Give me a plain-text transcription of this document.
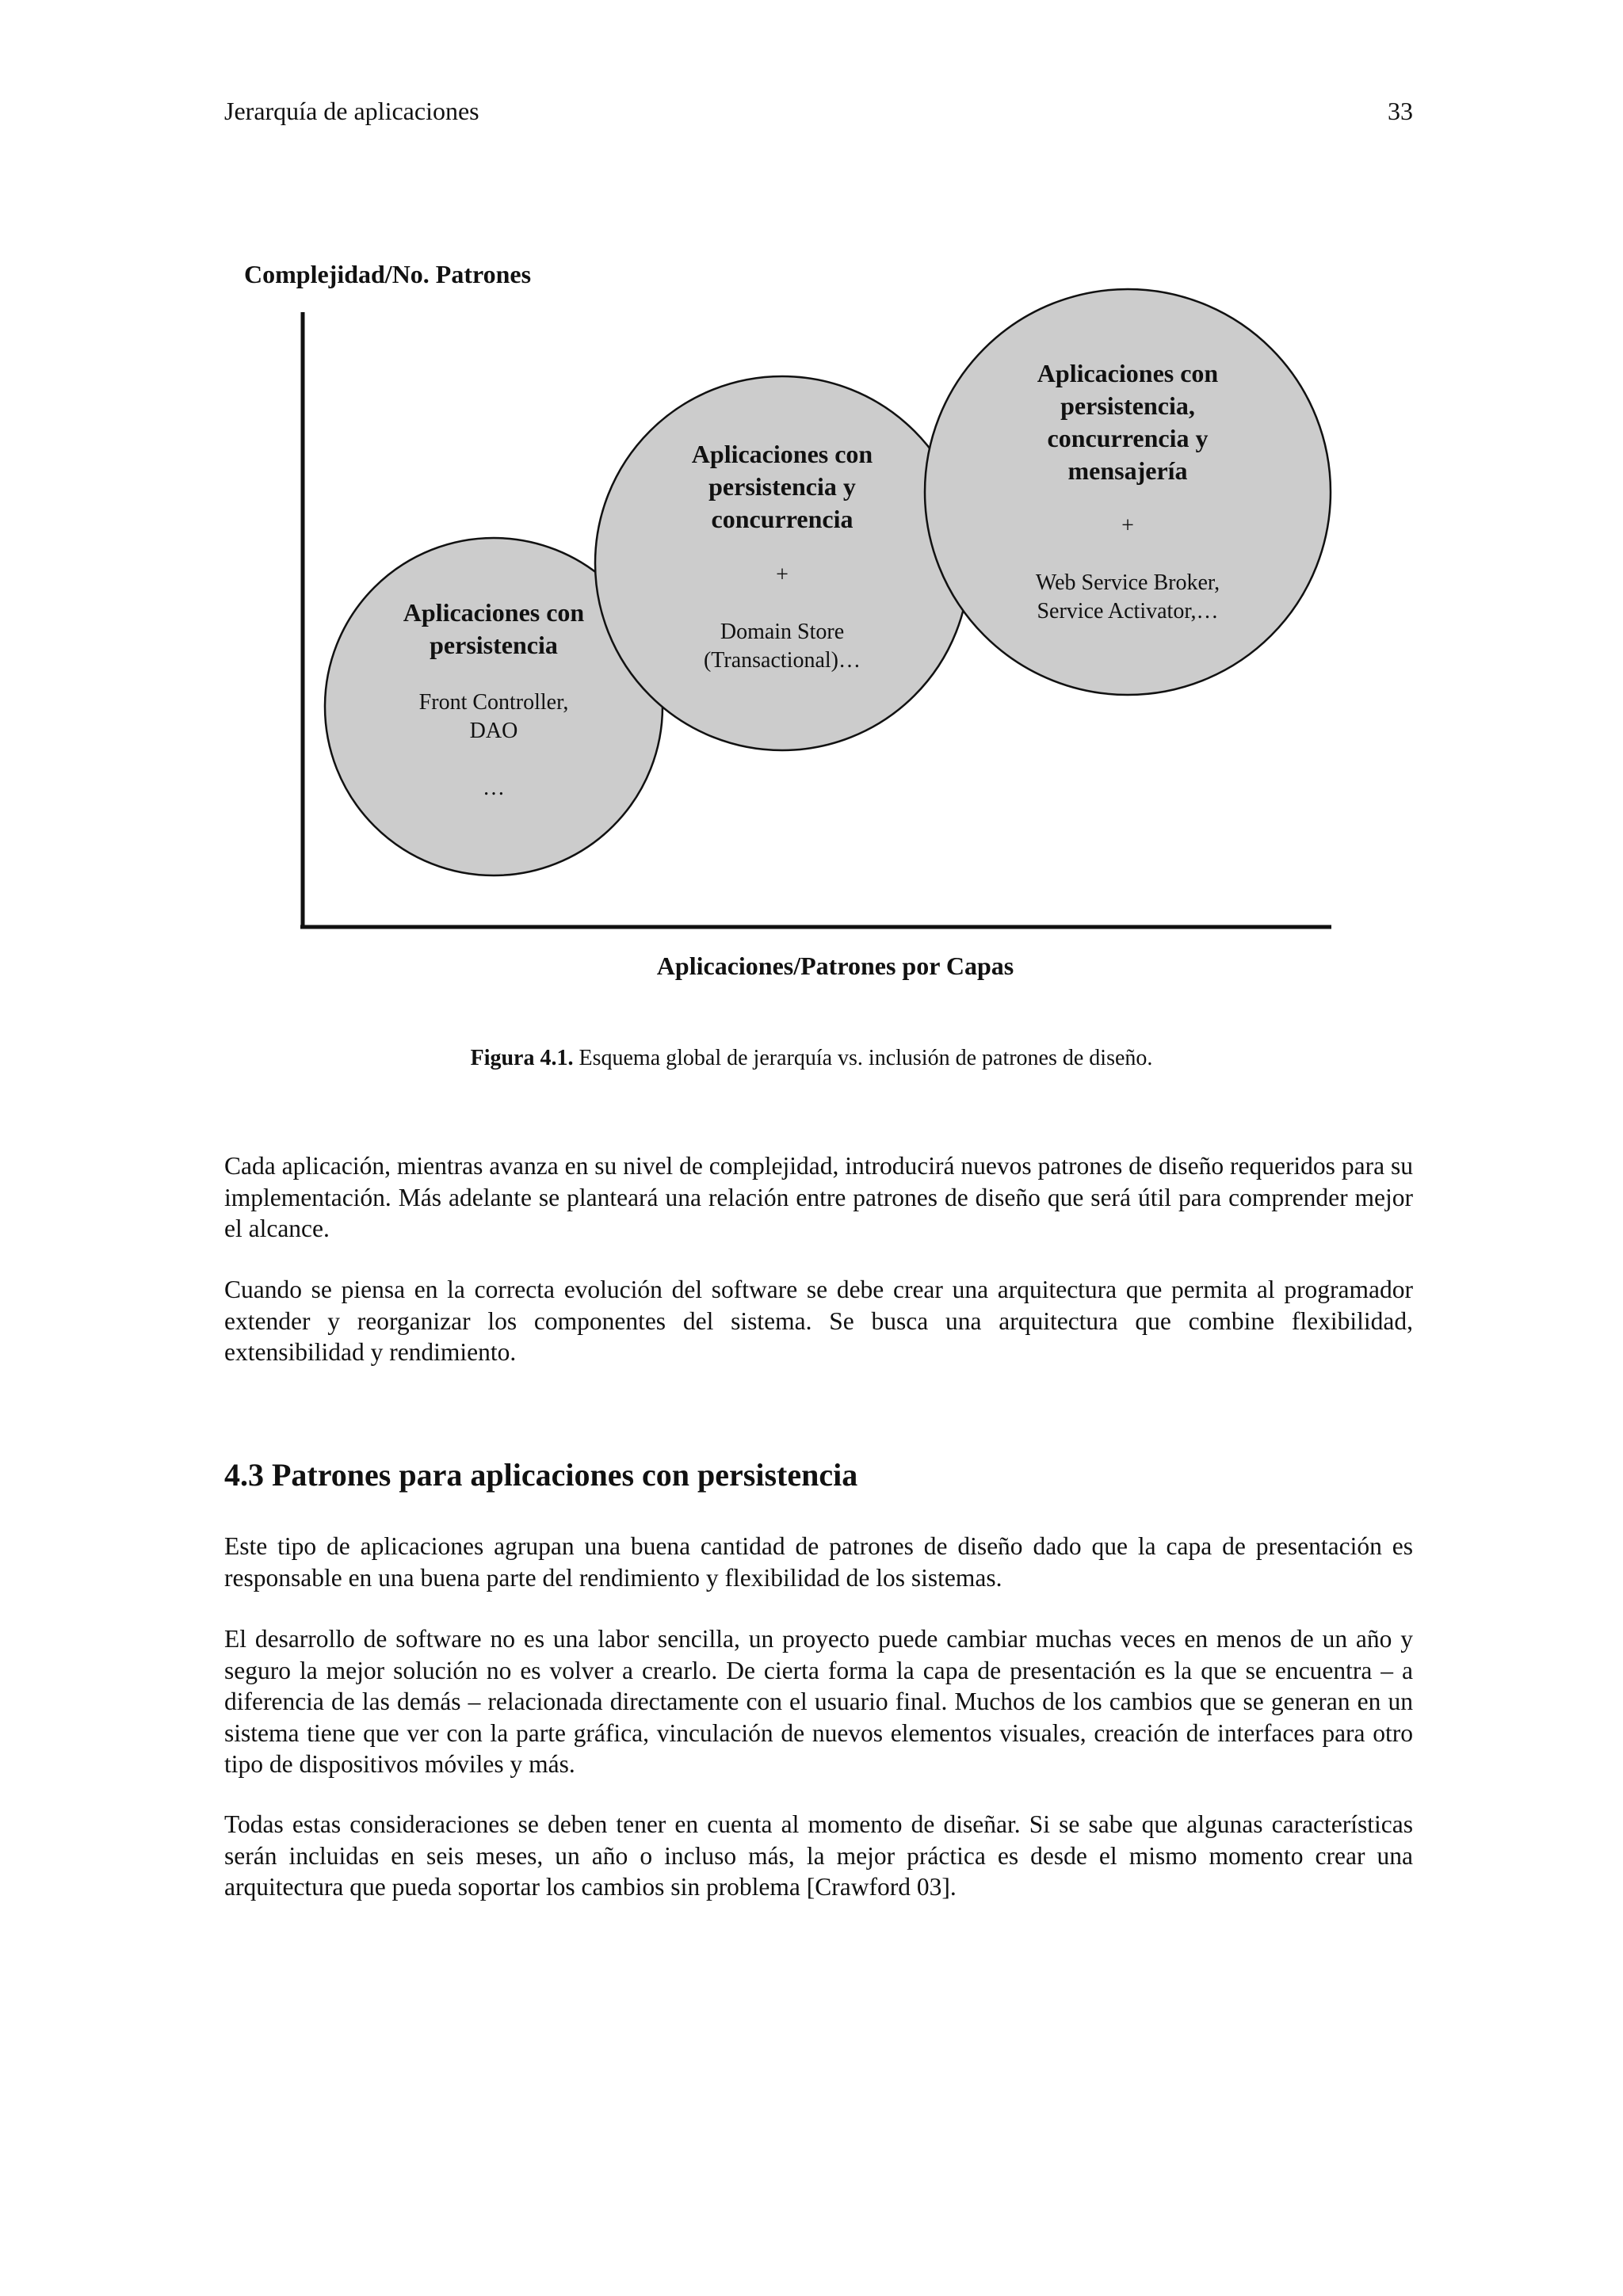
Jerarquía de aplicaciones	33
Complejidad/No. Patrones
Aplicaciones con
persistencia
Front Controller,
DAO
…
Aplicaciones con
persistencia y
concurrencia
+
Domain Store
(Transactional)…
Aplicaciones con
persistencia,
concurrencia y
mensajería
+
Web Service Broker,
Service Activator,…
Aplicaciones/Patrones por Capas
Figura 4.1. Esquema global de jerarquía vs. inclusión de patrones de diseño.

Cada aplicación, mientras avanza en su nivel de complejidad, introducirá nuevos patrones de diseño requeridos para su implementación. Más adelante se planteará una relación entre patrones de diseño que será útil para comprender mejor el alcance.

Cuando se piensa en la correcta evolución del software se debe crear una arquitectura que permita al programador extender y reorganizar los componentes del sistema. Se busca una arquitectura que combine flexibilidad, extensibilidad y rendimiento.

4.3 Patrones para aplicaciones con persistencia

Este tipo de aplicaciones agrupan una buena cantidad de patrones de diseño dado que la capa de presentación es responsable en una buena parte del rendimiento y flexibilidad de los sistemas.

El desarrollo de software no es una labor sencilla, un proyecto puede cambiar muchas veces en menos de un año y seguro la mejor solución no es volver a crearlo. De cierta forma la capa de presentación es la que se encuentra – a diferencia de las demás – relacionada directamente con el usuario final. Muchos de los cambios que se generan en un sistema tiene que ver con la parte gráfica, vinculación de nuevos elementos visuales, creación de interfaces para otro tipo de dispositivos móviles y más.

Todas estas consideraciones se deben tener en cuenta al momento de diseñar. Si se sabe que algunas características serán incluidas en seis meses, un año o incluso más, la mejor práctica es desde el mismo momento crear una arquitectura que pueda soportar los cambios sin problema [Crawford 03].
